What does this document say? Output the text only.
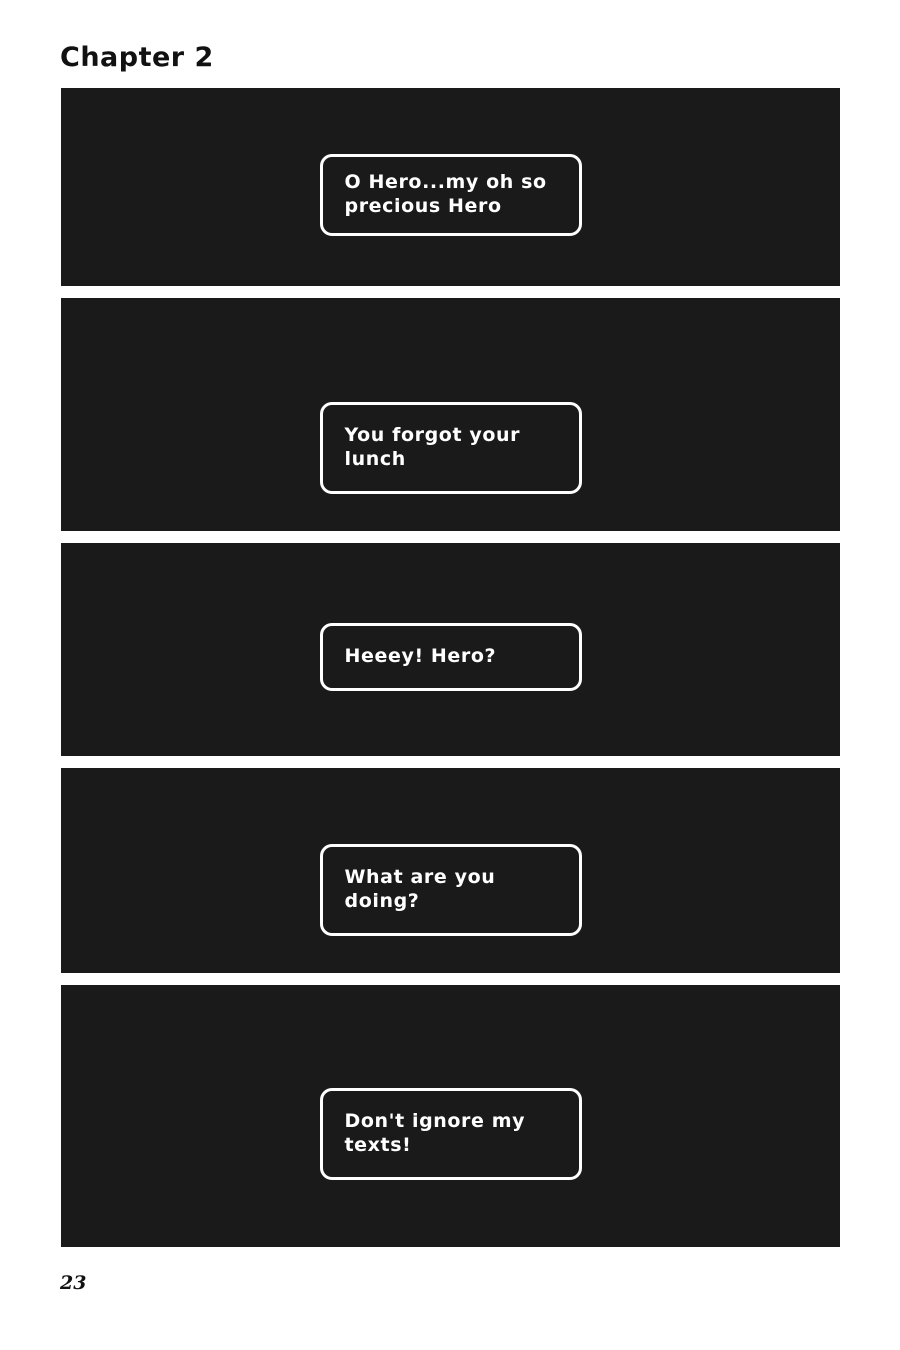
Chapter 2
O Hero...my oh so precious Hero
You forgot your lunch
Heeey! Hero?
What are you doing?
Don't ignore my texts!
23
